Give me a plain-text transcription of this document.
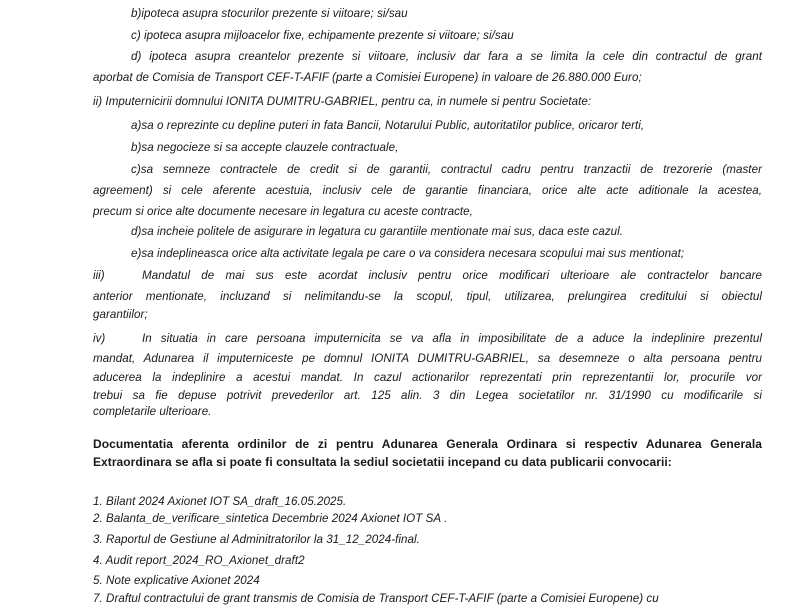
b)ipoteca asupra stocurilor prezente si viitoare; si/sau

c) ipoteca asupra mijloacelor fixe, echipamente prezente si viitoare; si/sau

d) ipoteca asupra creantelor prezente si viitoare, inclusiv dar fara a se limita la cele din contractul de grant

aporbat de Comisia de Transport CEF-T-AFIF (parte a Comisiei Europene) in valoare de 26.880.000 Euro;

ii) Imputernicirii domnului IONITA DUMITRU-GABRIEL, pentru ca, in numele si pentru Societate:

a)sa o reprezinte cu depline puteri in fata Bancii, Notarului Public, autoritatilor publice, oricaror terti,

b)sa negocieze si sa accepte clauzele contractuale,

c)sa semneze contractele de credit si de garantii, contractul cadru pentru tranzactii de trezorerie (master

agreement) si cele aferente acestuia, inclusiv cele de garantie financiara, orice alte acte aditionale la acestea,

precum si orice alte documente necesare in legatura cu aceste contracte,

d)sa incheie politele de asigurare in legatura cu garantiile mentionate mai sus, daca este cazul.

e)sa indeplineasca orice alta activitate legala pe care o va considera necesara scopului mai sus mentionat;

iii)	Mandatul de mai sus este acordat inclusiv pentru orice modificari ulterioare ale contractelor bancare

anterior mentionate, incluzand si nelimitandu-se la scopul, tipul, utilizarea, prelungirea creditului si obiectul

garantiilor;

iv)	In situatia in care persoana imputernicita se va afla in imposibilitate de a aduce la indeplinire prezentul

mandat, Adunarea il imputerniceste pe domnul IONITA DUMITRU-GABRIEL, sa desemneze o alta persoana pentru

aducerea la indeplinire a acestui mandat. In cazul actionarilor reprezentati prin reprezentantii lor, procurile vor

trebui sa fie depuse potrivit prevederilor art. 125 alin. 3 din Legea societatilor nr. 31/1990 cu modificarile si

completarile ulterioare.

Documentatia aferenta ordinilor de zi pentru Adunarea Generala Ordinara si respectiv Adunarea Generala

Extraordinara se afla si poate fi consultata la sediul societatii incepand cu data publicarii convocarii:

1. Bilant 2024 Axionet IOT SA_draft_16.05.2025.

2. Balanta_de_verificare_sintetica Decembrie 2024 Axionet IOT SA .

3. Raportul de Gestiune al Adminitratorilor la 31_12_2024-final.

4. Audit report_2024_RO_Axionet_draft2

5. Note explicative Axionet 2024

7. Draftul contractului de grant transmis de Comisia de Transport CEF-T-AFIF (parte a Comisiei Europene) cu
